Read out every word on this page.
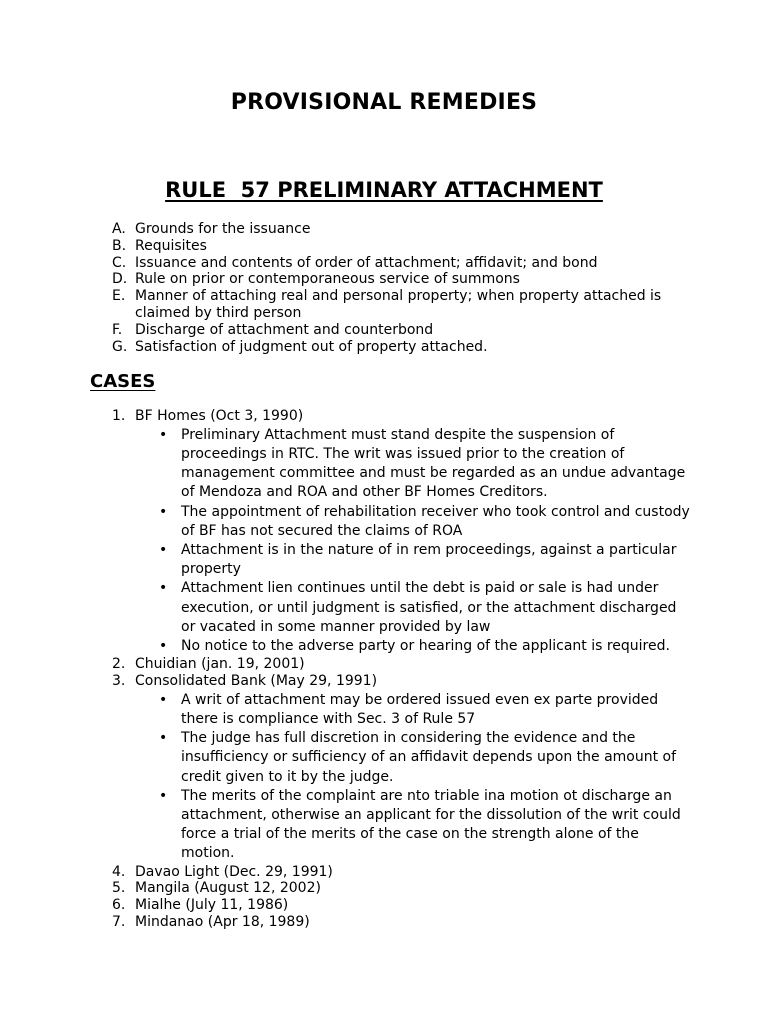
PROVISIONAL REMEDIES
RULE  57 PRELIMINARY ATTACHMENT
A. Grounds for the issuance
B. Requisites
C. Issuance and contents of order of attachment; affidavit; and bond
D. Rule on prior or contemporaneous service of summons
E. Manner of attaching real and personal property; when property attached is claimed by third person
F. Discharge of attachment and counterbond
G. Satisfaction of judgment out of property attached.
CASES
1. BF Homes (Oct 3, 1990)
• Preliminary Attachment must stand despite the suspension of proceedings in RTC. The writ was issued prior to the creation of management committee and must be regarded as an undue advantage of Mendoza and ROA and other BF Homes Creditors.
• The appointment of rehabilitation receiver who took control and custody of BF has not secured the claims of ROA
• Attachment is in the nature of in rem proceedings, against a particular property
• Attachment lien continues until the debt is paid or sale is had under execution, or until judgment is satisfied, or the attachment discharged or vacated in some manner provided by law
• No notice to the adverse party or hearing of the applicant is required.
2. Chuidian (jan. 19, 2001)
3. Consolidated Bank (May 29, 1991)
• A writ of attachment may be ordered issued even ex parte provided there is compliance with Sec. 3 of Rule 57
• The judge has full discretion in considering the evidence and the insufficiency or sufficiency of an affidavit depends upon the amount of credit given to it by the judge.
• The merits of the complaint are nto triable ina motion ot discharge an attachment, otherwise an applicant for the dissolution of the writ could force a trial of the merits of the case on the strength alone of the motion.
4. Davao Light (Dec. 29, 1991)
5. Mangila (August 12, 2002)
6. Mialhe (July 11, 1986)
7. Mindanao (Apr 18, 1989)
